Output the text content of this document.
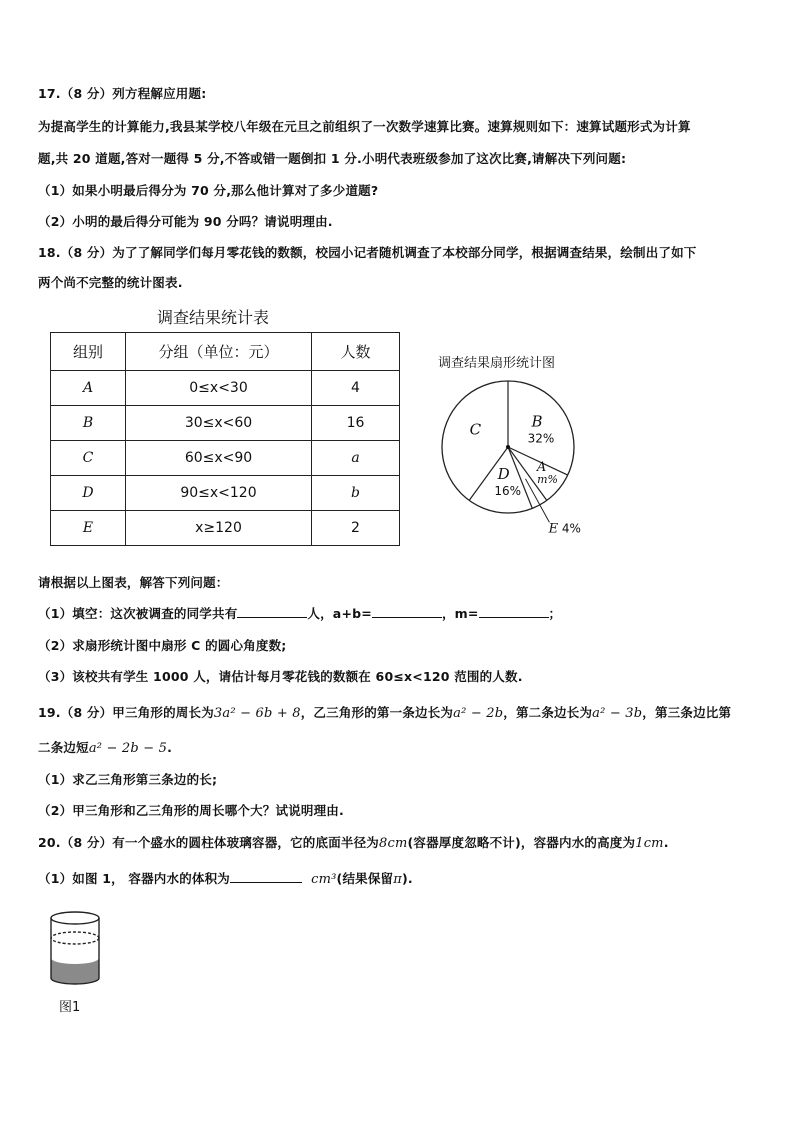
17.（8 分）列方程解应用题:
为提高学生的计算能力,我县某学校八年级在元旦之前组织了一次数学速算比赛。速算规则如下：速算试题形式为计算
题,共 20 道题,答对一题得 5 分,不答或错一题倒扣 1 分.小明代表班级参加了这次比赛,请解决下列问题:
（1）如果小明最后得分为 70 分,那么他计算对了多少道题?
（2）小明的最后得分可能为 90 分吗？请说明理由.
18.（8 分）为了了解同学们每月零花钱的数额，校园小记者随机调查了本校部分同学，根据调查结果，绘制出了如下
两个尚不完整的统计图表.
调查结果统计表
组别	分组（单位：元）	人数
A	0≤x<30	4
B	30≤x<60	16
C	60≤x<90	a
D	90≤x<120	b
E	x≥120	2
调查结果扇形统计图
B
32%
A
m%
E 4%
D
16%
C
请根据以上图表，解答下列问题：
（1）填空：这次被调查的同学共有	人，a+b=	，m=	；
（2）求扇形统计图中扇形 C 的圆心角度数;
（3）该校共有学生 1000 人，请估计每月零花钱的数额在 60≤x<120 范围的人数.
19.（8 分）甲三角形的周长为3a² − 6b + 8，乙三角形的第一条边长为a² − 2b，第二条边长为a² − 3b，第三条边比第
二条边短a² − 2b − 5.
（1）求乙三角形第三条边的长;
（2）甲三角形和乙三角形的周长哪个大？试说明理由.
20.（8 分）有一个盛水的圆柱体玻璃容器，它的底面半径为8cm(容器厚度忽略不计)，容器内水的高度为1cm.
（1）如图 1， 容器内水的体积为	cm³(结果保留π).
图1
